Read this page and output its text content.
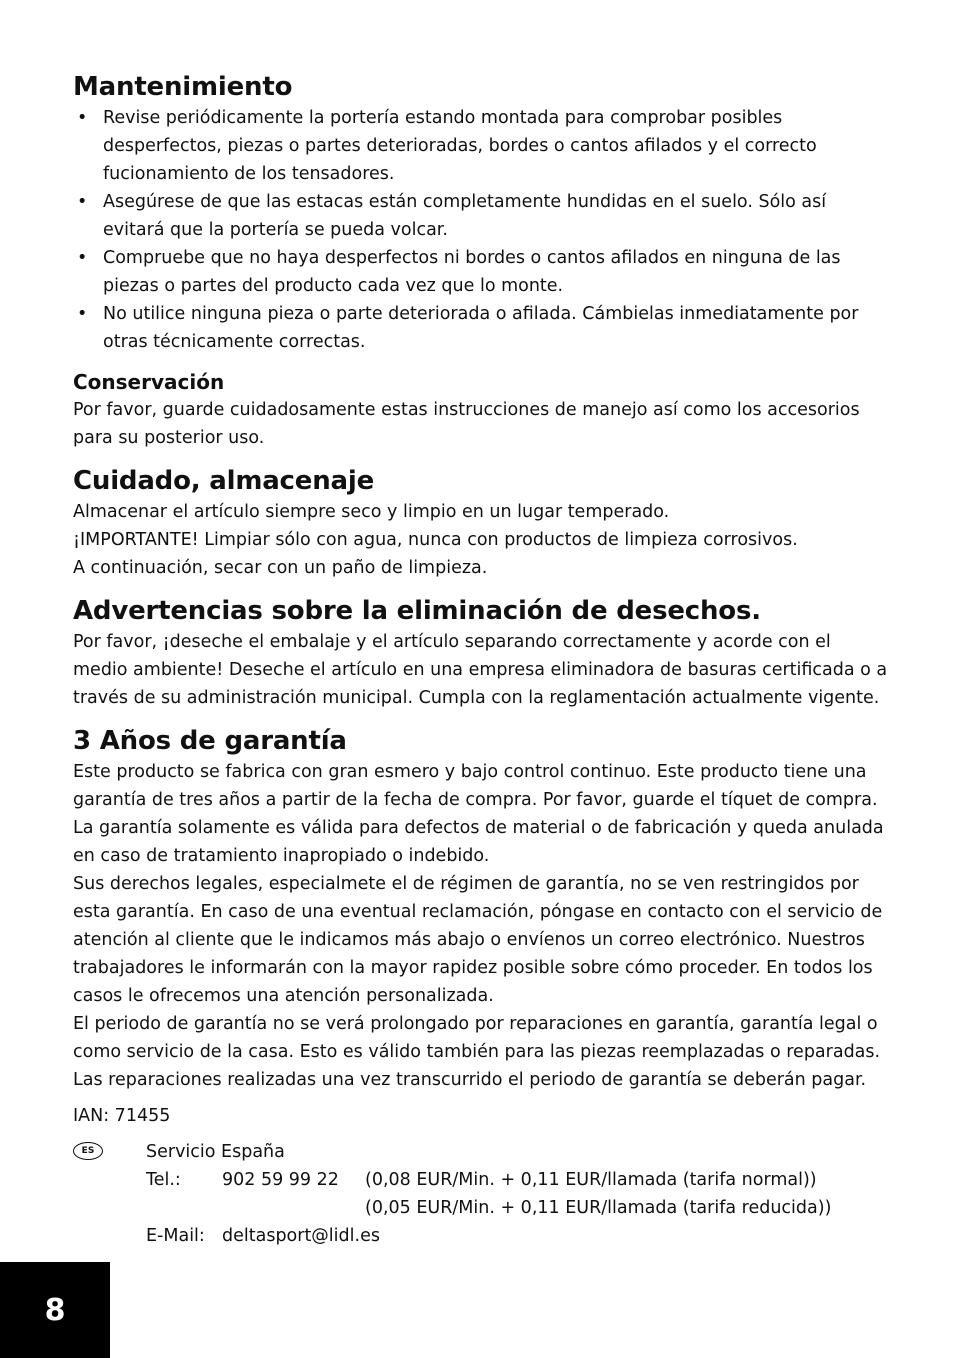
Mantenimiento
• Revise periódicamente la portería estando montada para comprobar posibles desperfectos, piezas o partes deterioradas, bordes o cantos afilados y el correcto fucionamiento de los tensadores.
• Asegúrese de que las estacas están completamente hundidas en el suelo. Sólo así evitará que la portería se pueda volcar.
• Compruebe que no haya desperfectos ni bordes o cantos afilados en ninguna de las piezas o partes del producto cada vez que lo monte.
• No utilice ninguna pieza o parte deteriorada o afilada. Cámbielas inmediatamente por otras técnicamente correctas.
Conservación

Por favor, guarde cuidadosamente estas instrucciones de manejo así como los accesorios para su posterior uso.

Cuidado, almacenaje

Almacenar el artículo siempre seco y limpio en un lugar temperado.

¡IMPORTANTE! Limpiar sólo con agua, nunca con productos de limpieza corrosivos.

A continuación, secar con un paño de limpieza.

Advertencias sobre la eliminación de desechos.

Por favor, ¡deseche el embalaje y el artículo separando correctamente y acorde con el medio ambiente! Deseche el artículo en una empresa eliminadora de basuras certificada o a través de su administración municipal. Cumpla con la reglamentación actualmente vigente.

3 Años de garantía

Este producto se fabrica con gran esmero y bajo control continuo. Este producto tiene una garantía de tres años a partir de la fecha de compra. Por favor, guarde el tíquet de compra. La garantía solamente es válida para defectos de material o de fabricación y queda anulada en caso de tratamiento inapropiado o indebido.

Sus derechos legales, especialmete el de régimen de garantía, no se ven restringidos por esta garantía. En caso de una eventual reclamación, póngase en contacto con el servicio de atención al cliente que le indicamos más abajo o envíenos un correo electrónico. Nuestros trabajadores le informarán con la mayor rapidez posible sobre cómo proceder. En todos los casos le ofrecemos una atención personalizada.

El periodo de garantía no se verá prolongado por reparaciones en garantía, garantía legal o como servicio de la casa. Esto es válido también para las piezas reemplazadas o reparadas. Las reparaciones realizadas una vez transcurrido el periodo de garantía se deberán pagar.

IAN: 71455

ES	Servicio España
Tel.:	902 59 99 22	(0,08 EUR/Min. + 0,11 EUR/llamada (tarifa normal))
(0,05 EUR/Min. + 0,11 EUR/llamada (tarifa reducida))
E-Mail: deltasport@lidl.es
8
